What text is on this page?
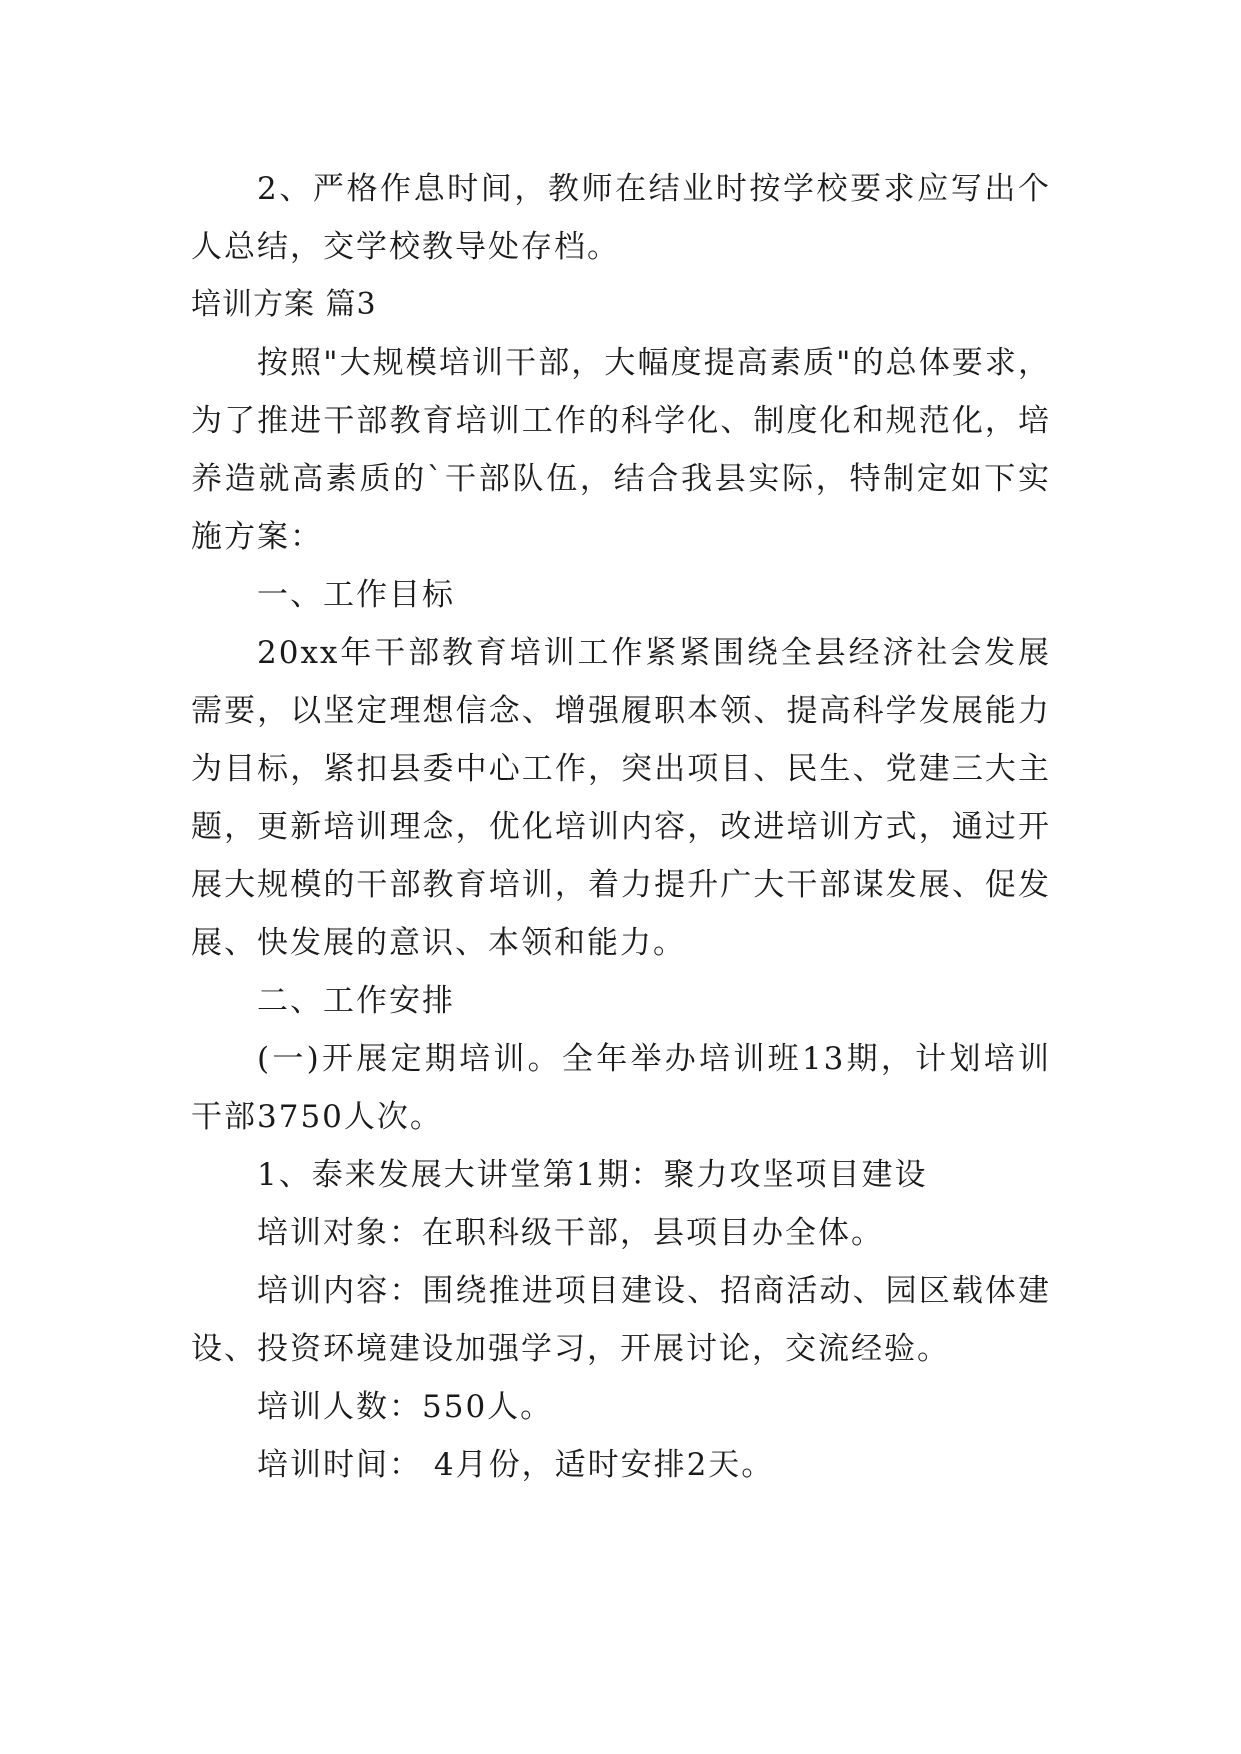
2、严格作息时间，教师在结业时按学校要求应写出个人总结，交学校教导处存档。

培训方案 篇3

按照"大规模培训干部，大幅度提高素质"的总体要求，为了推进干部教育培训工作的科学化、制度化和规范化，培养造就高素质的`干部队伍，结合我县实际，特制定如下实施方案：

一、工作目标

20xx年干部教育培训工作紧紧围绕全县经济社会发展需要，以坚定理想信念、增强履职本领、提高科学发展能力为目标，紧扣县委中心工作，突出项目、民生、党建三大主题，更新培训理念，优化培训内容，改进培训方式，通过开展大规模的干部教育培训，着力提升广大干部谋发展、促发展、快发展的意识、本领和能力。

二、工作安排

(一)开展定期培训。全年举办培训班13期，计划培训干部3750人次。

1、泰来发展大讲堂第1期：聚力攻坚项目建设

培训对象：在职科级干部，县项目办全体。

培训内容：围绕推进项目建设、招商活动、园区载体建设、投资环境建设加强学习，开展讨论，交流经验。

培训人数：550人。

培训时间： 4月份，适时安排2天。
